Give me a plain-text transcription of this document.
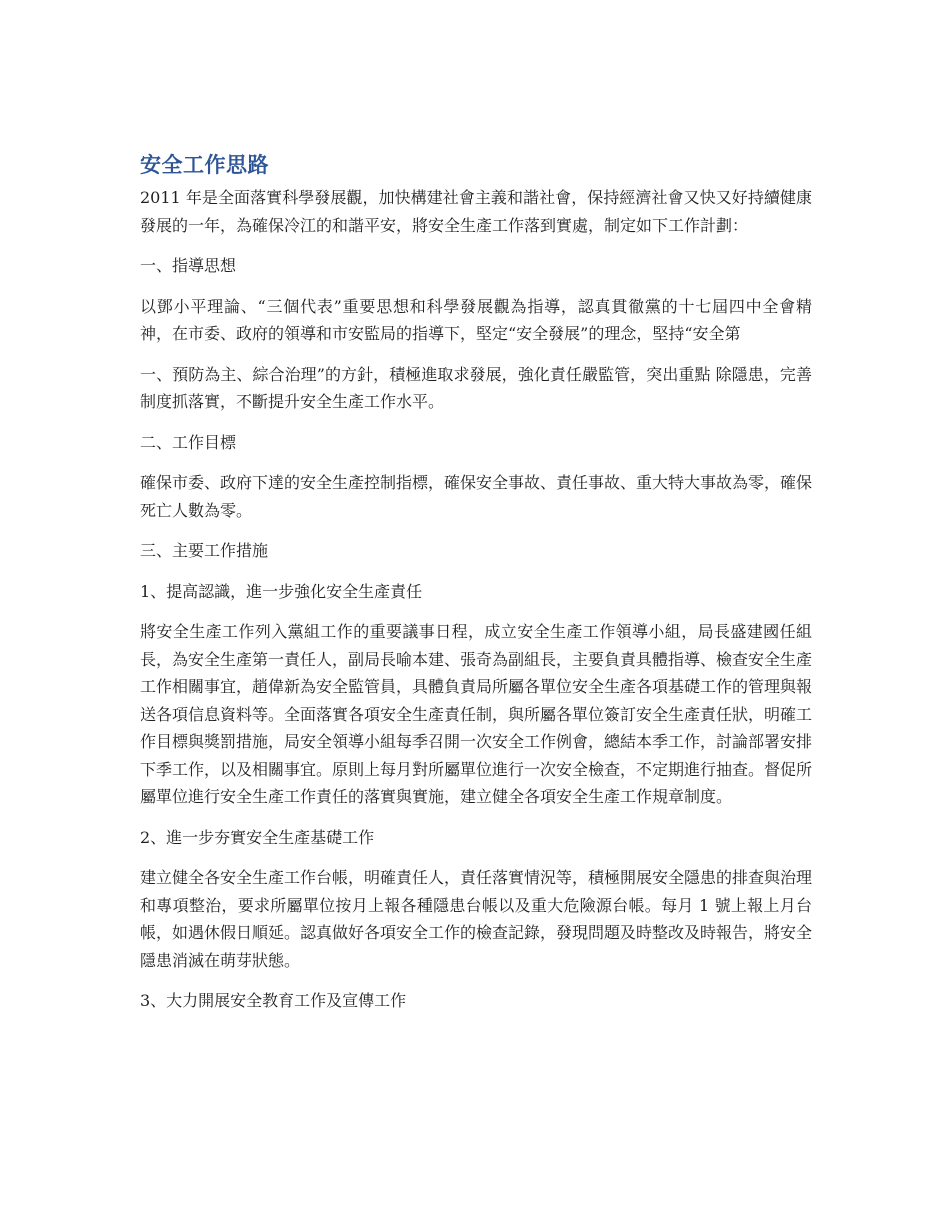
安全工作思路

2011 年是全面落實科學發展觀，加快構建社會主義和諧社會，保持經濟社會又快又好持續健康發展的一年，為確保冷江的和諧平安，將安全生產工作落到實處，制定如下工作計劃：

一、指導思想

以鄧小平理論、“三個代表”重要思想和科學發展觀為指導，認真貫徹黨的十七屆四中全會精神，在市委、政府的領導和市安監局的指導下，堅定“安全發展”的理念，堅持“安全第

一、預防為主、綜合治理”的方針，積極進取求發展，強化責任嚴監管，突出重點 除隱患，完善制度抓落實，不斷提升安全生產工作水平。

二、工作目標

確保市委、政府下達的安全生產控制指標，確保安全事故、責任事故、重大特大事故為零，確保死亡人數為零。

三、主要工作措施

1、提高認識，進一步強化安全生產責任

將安全生產工作列入黨組工作的重要議事日程，成立安全生產工作領導小組，局長盛建國任組長，為安全生產第一責任人，副局長喻本建、張奇為副組長，主要負責具體指導、檢查安全生產工作相關事宜，趙偉新為安全監管員，具體負責局所屬各單位安全生產各項基礎工作的管理與報送各項信息資料等。全面落實各項安全生產責任制，與所屬各單位簽訂安全生產責任狀，明確工作目標與獎罰措施，局安全領導小組每季召開一次安全工作例會，總結本季工作，討論部署安排下季工作，以及相關事宜。原則上每月對所屬單位進行一次安全檢查，不定期進行抽查。督促所屬單位進行安全生產工作責任的落實與實施，建立健全各項安全生產工作規章制度。

2、進一步夯實安全生產基礎工作

建立健全各安全生產工作台帳，明確責任人，責任落實情況等，積極開展安全隱患的排查與治理和專項整治，要求所屬單位按月上報各種隱患台帳以及重大危險源台帳。每月 1 號上報上月台帳，如遇休假日順延。認真做好各項安全工作的檢查記錄，發現問題及時整改及時報告，將安全隱患消滅在萌芽狀態。

3、大力開展安全教育工作及宣傳工作
